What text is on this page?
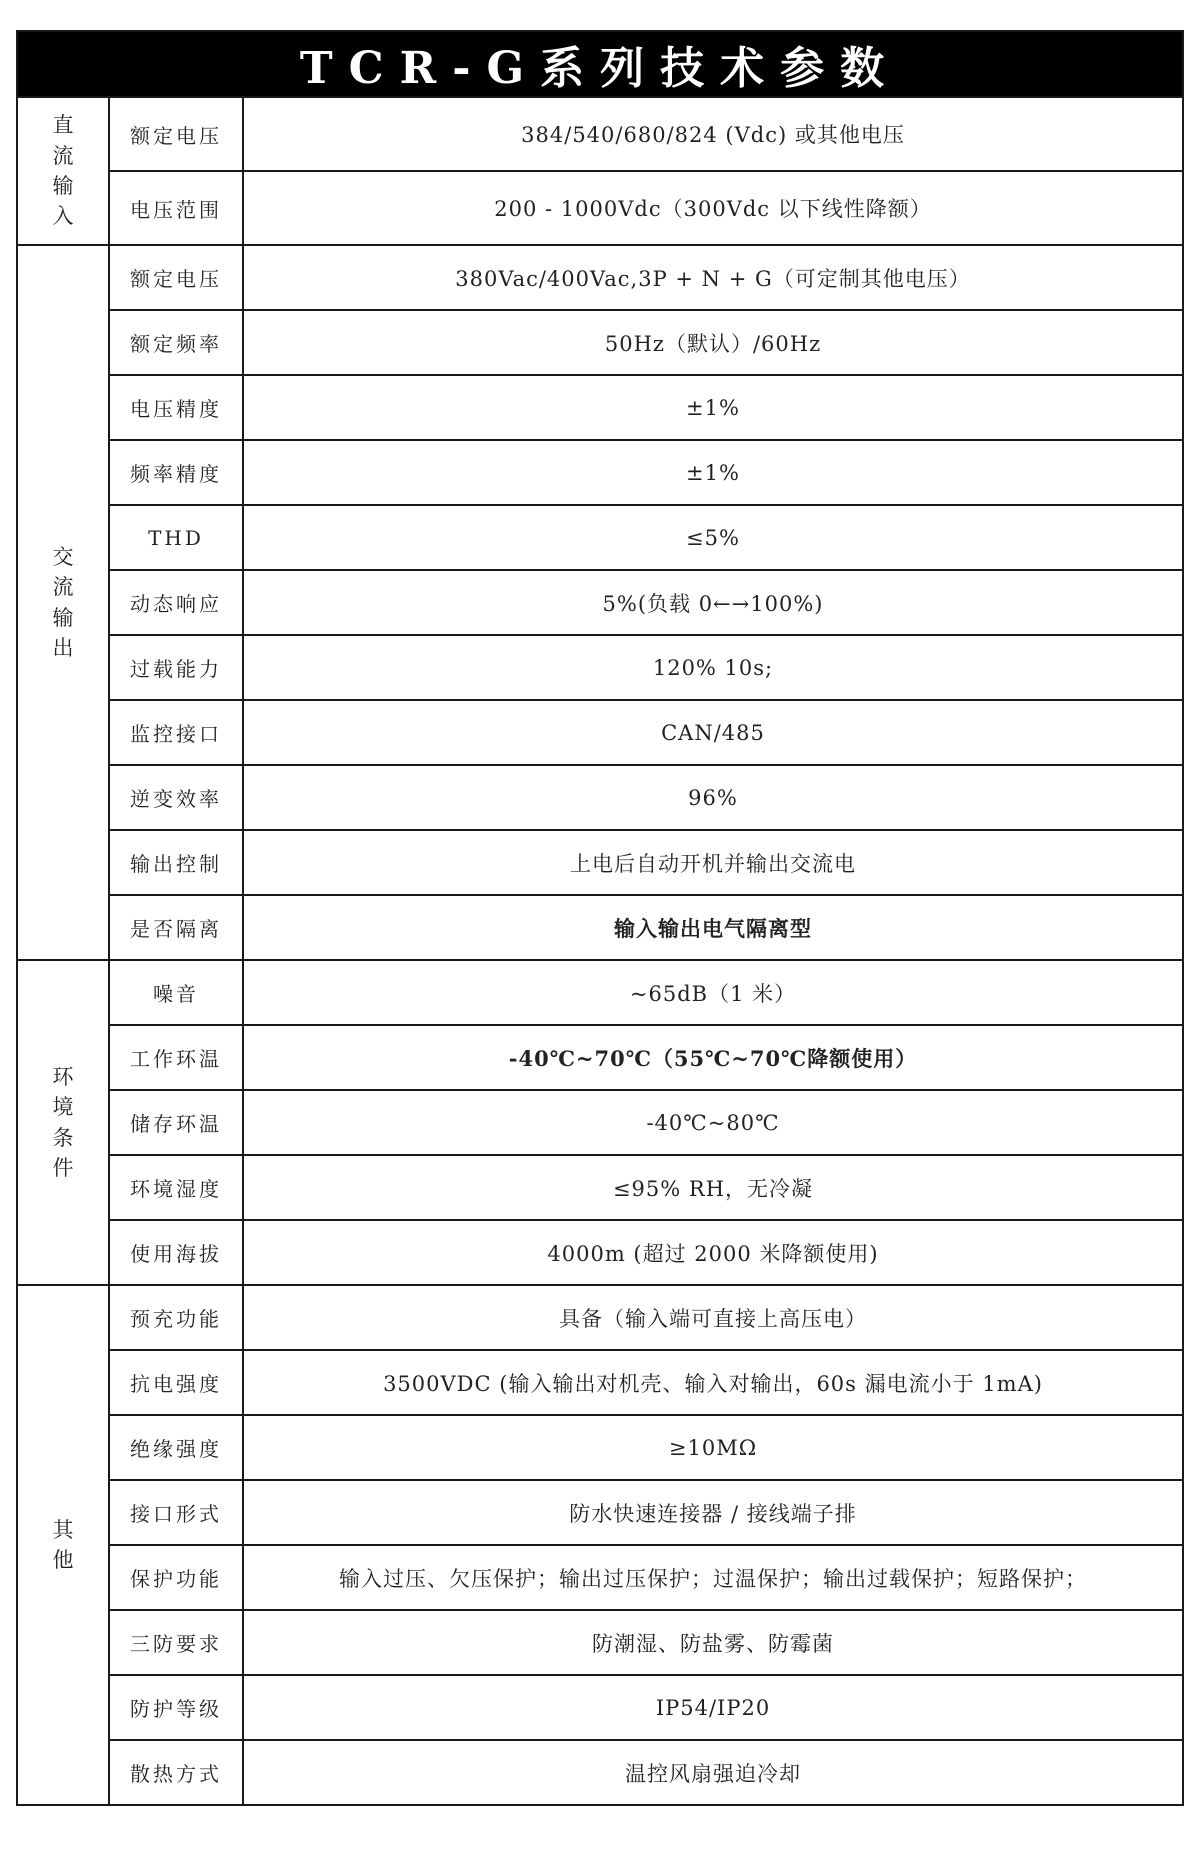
TCR-G系列技术参数		
直流输入	额定电压	384/540/680/824 (Vdc) 或其他电压
	电压范围	200 - 1000Vdc（300Vdc 以下线性降额）
交流输出	额定电压	380Vac/400Vac,3P + N + G（可定制其他电压）
	额定频率	50Hz（默认）/60Hz
	电压精度	±1%
	频率精度	±1%
	THD	≤5%
	动态响应	5%(负载 0←→100%)
	过载能力	120% 10s;
	监控接口	CAN/485
	逆变效率	96%
	输出控制	上电后自动开机并输出交流电
	是否隔离	输入输出电气隔离型
环境条件	噪音	~65dB（1 米）
	工作环温	-40℃~70℃（55℃~70℃降额使用）
	储存环温	-40℃~80℃
	环境湿度	≤95% RH，无冷凝
	使用海拔	4000m (超过 2000 米降额使用)
其他	预充功能	具备（输入端可直接上高压电）
	抗电强度	3500VDC (输入输出对机壳、输入对输出，60s 漏电流小于 1mA)
	绝缘强度	≥10MΩ
	接口形式	防水快速连接器 / 接线端子排
	保护功能	输入过压、欠压保护；输出过压保护；过温保护；输出过载保护；短路保护；
	三防要求	防潮湿、防盐雾、防霉菌
	防护等级	IP54/IP20
	散热方式	温控风扇强迫冷却
